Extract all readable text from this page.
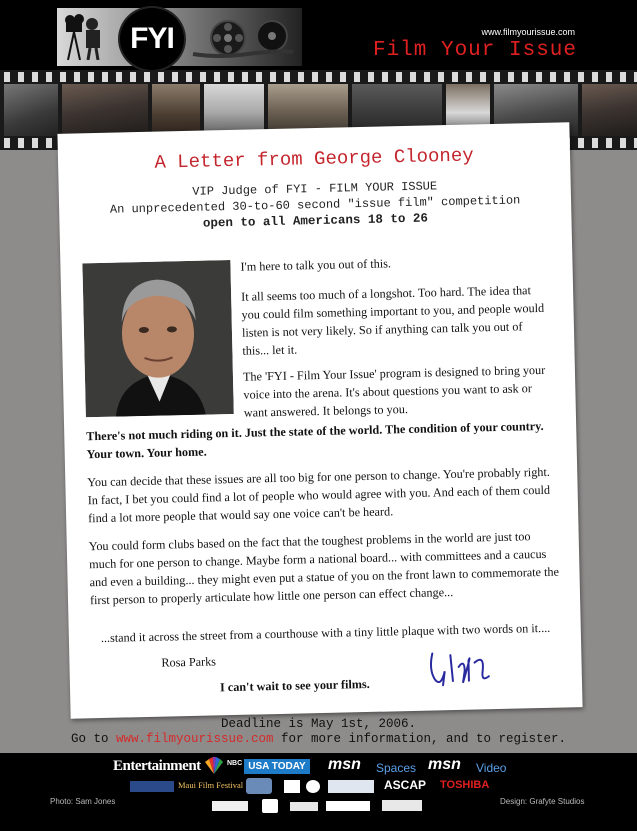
FYI	www.filmyourissue.com
Film Your Issue
A Letter from George Clooney
VIP Judge of FYI - FILM YOUR ISSUE
An unprecedented 30-to-60 second "issue film" competition
open to all Americans 18 to 26

I'm here to talk you out of this.

It all seems too much of a longshot. Too hard. The idea that you could film something important to you, and people would listen is not very likely. So if anything can talk you out of this... let it.

The 'FYI - Film Your Issue' program is designed to bring your voice into the arena. It's about questions you want to ask or want answered. It belongs to you.

There's not much riding on it. Just the state of the world. The condition of your country. Your town. Your home.

You can decide that these issues are all too big for one person to change. You're probably right. In fact, I bet you could find a lot of people who would agree with you. And each of them could find a lot more people that would say one voice can't be heard.

You could form clubs based on the fact that the toughest problems in the world are just too much for one person to change. Maybe form a national board... with committees and a caucus and even a building... they might even put a statue of you on the front lawn to commemorate the first person to properly articulate how little one person can effect change...

...stand it across the street from a courthouse with a tiny little plaque with two words on it....

Rosa Parks

I can't wait to see your films.

Deadline is May 1st, 2006.
Go to www.filmyourissue.com for more information, and to register.
Entertainment	NBC USA TODAY msn Spaces msn Video
Maui Film Festival	ASCAP TOSHIBA
Photo: Sam Jones	Design: Grafyte Studios
